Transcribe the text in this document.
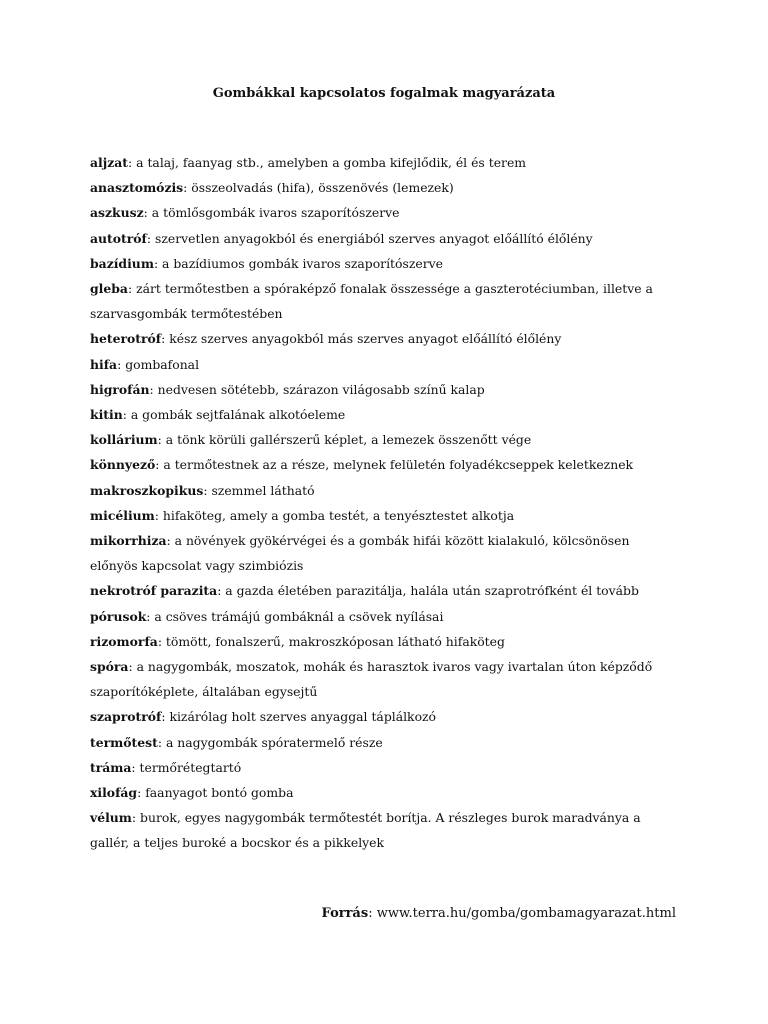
Gombákkal kapcsolatos fogalmak magyarázata
aljzat: a talaj, faanyag stb., amelyben a gomba kifejlődik, él és terem
anasztomózis: összeolvadás (hifa), összenövés (lemezek)
aszkusz: a tömlősgombák ivaros szaporítószerve
autotróf: szervetlen anyagokból és energiából szerves anyagot előállító élőlény
bazídium: a bazídiumos gombák ivaros szaporítószerve
gleba: zárt termőtestben a spóraképző fonalak összessége a gaszterotéciumban, illetve a szarvasgombák termőtestében
heterotróf: kész szerves anyagokból más szerves anyagot előállító élőlény
hifa: gombafonal
higrofán: nedvesen sötétebb, szárazon világosabb színű kalap
kitin: a gombák sejtfalának alkotóeleme
kollárium: a tönk körüli gallérszerű képlet, a lemezek összenőtt vége
könnyező: a termőtestnek az a része, melynek felületén folyadékcseppek keletkeznek
makroszkopikus: szemmel látható
micélium: hifaköteg, amely a gomba testét, a tenyésztestet alkotja
mikorrhiza: a növények gyökérvégei és a gombák hifái között kialakuló, kölcsönösen előnyös kapcsolat vagy szimbiózis
nekrotróf parazita: a gazda életében parazitálja, halála után szaprotrófként él tovább
pórusok: a csöves trámájú gombáknál a csövek nyílásai
rizomorfa: tömött, fonalszerű, makroszkóposan látható hifaköteg
spóra: a nagygombák, moszatok, mohák és harasztok ivaros vagy ivartalan úton képződő szaporítóképlete, általában egysejtű
szaprotróf: kizárólag holt szerves anyaggal táplálkozó
termőtest: a nagygombák spóratermelő része
tráma: termőrétegtartó
xilofág: faanyagot bontó gomba
vélum: burok, egyes nagygombák termőtestét borítja. A részleges burok maradványa a gallér, a teljes buroké a bocskor és a pikkelyek
Forrás: www.terra.hu/gomba/gombamagyarazat.html
